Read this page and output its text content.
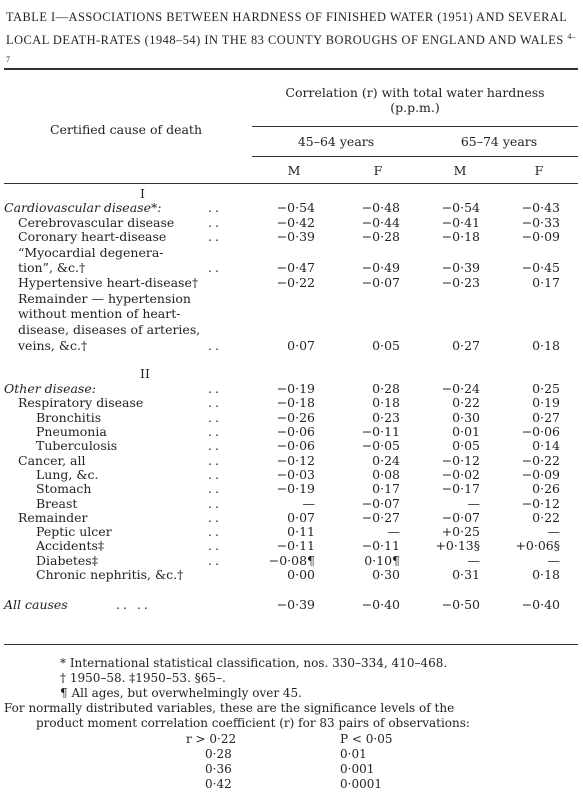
TABLE I—ASSOCIATIONS BETWEEN HARDNESS OF FINISHED WATER (1951) AND SEVERAL LOCAL DEATH-RATES (1948–54) IN THE 83 COUNTY BOROUGHS OF ENGLAND AND WALES $^{4-7}$
Certified cause of death
Correlation (r) with total water hardness
(p.p.m.)
45–64 years	65–74 years
M	F	M	F
I
Cardiovascular disease*:	..	−0·54	−0·48	−0·54	−0·43
Cerebrovascular disease	..	−0·42	−0·44	−0·41	−0·33
Coronary heart-disease	..	−0·39	−0·28	−0·18	−0·09
“Myocardial degenera-
tion”, &c.†	..	−0·47	−0·49	−0·39	−0·45
Hypertensive heart-disease†	−0·22	−0·07	−0·23	0·17
Remainder — hypertension
without mention of heart-
disease, diseases of arteries,
veins, &c.†	..	0·07	0·05	0·27	0·18
II
Other disease:	..	−0·19	0·28	−0·24	0·25
Respiratory disease	..	−0·18	0·18	0·22	0·19
Bronchitis	..	−0·26	0·23	0·30	0·27
Pneumonia	..	−0·06	−0·11	0·01	−0·06
Tuberculosis	..	−0·06	−0·05	0·05	0·14
Cancer, all	..	−0·12	0·24	−0·12	−0·22
Lung, &c.	..	−0·03	0·08	−0·02	−0·09
Stomach	..	−0·19	0·17	−0·17	0·26
Breast	..	—	−0·07	—	−0·12
Remainder	..	0·07	−0·27	−0·07	0·22
Peptic ulcer	..	0·11	—	+0·25	—
Accidents‡	..	−0·11	−0·11	+0·13§	+0·06§
Diabetes‡	..	−0·08¶	0·10¶	—	—
Chronic nephritis, &c.†	0·00	0·30	0·31	0·18
All causes	.. ..	−0·39	−0·40	−0·50	−0·40
* International statistical classification, nos. 330–334, 410–468.
† 1950–58. ‡1950–53. §65–.
¶ All ages, but overwhelmingly over 45.
For normally distributed variables, these are the significance levels of the
product moment correlation coefficient (r) for 83 pairs of observations:
r > 0·22	P < 0·05
0·28	0·01
0·36	0·001
0·42	0·0001
